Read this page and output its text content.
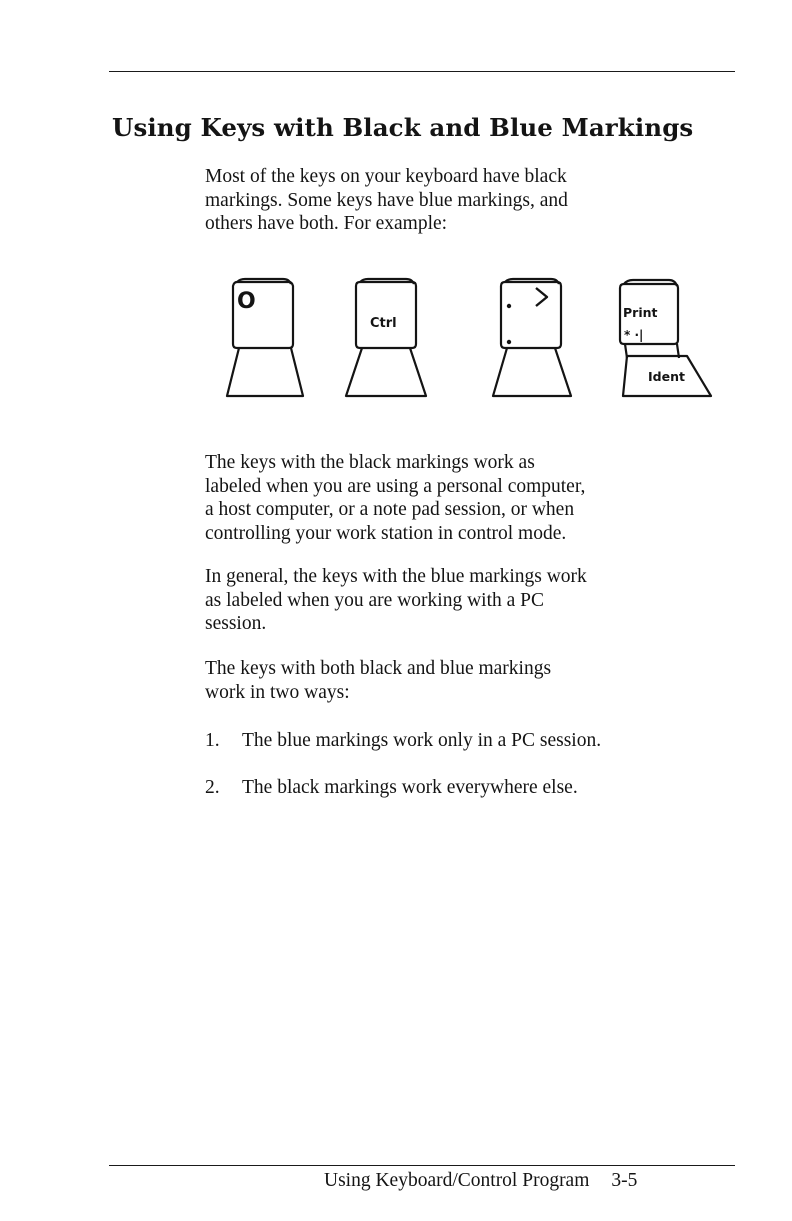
Using Keys with Black and Blue Markings

Most of the keys on your keyboard have black
markings. Some keys have blue markings, and
others have both. For example:

O
Ctrl
Print
* ·|
Ident

The keys with the black markings work as
labeled when you are using a personal computer,
a host computer, or a note pad session, or when
controlling your work station in control mode.

In general, the keys with the blue markings work
as labeled when you are working with a PC
session.

The keys with both black and blue markings
work in two ways:

1.	The blue markings work only in a PC session.
2.	The black markings work everywhere else.
Using Keyboard/Control Program 3-5
